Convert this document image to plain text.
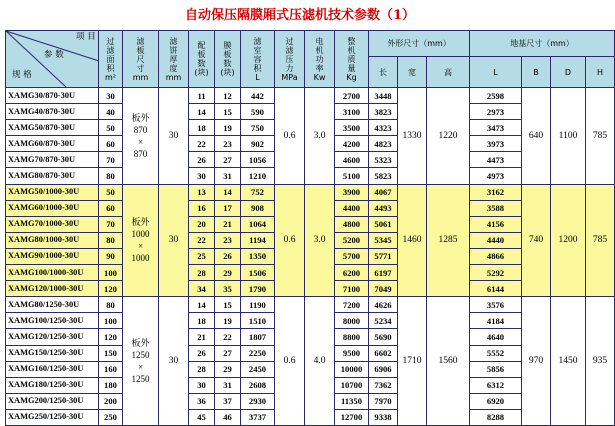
自动保压隔膜厢式压滤机技术参数（1）
项 目
参 数
规 格	过
滤
面
积
m²	滤
板
尺
寸
mm	滤
饼
厚
度
mm	配
板
数
(块)	膜
板
数
(块)	滤
室
容
积
L	过
滤
压
力
MPa	电
机
功
率
Kw	整
机
质
量
Kg	外形尺寸（mm）			地基尺寸（mm）			
										长	宽	高	L	B	D	H
XAMG30/870-30U	30	板外
870
×
870	30	11	12	442	0.6	3.0	2700	3448	1330	1220	2598	640	1100	785
XAMG40/870-30U	40			14	15	590			3100	3823			2973			
XAMG50/870-30U	50			18	19	750			3500	4323			3473			
XAMG60/870-30U	60			22	23	902			4200	4823			3973			
XAMG70/870-30U	70			26	27	1056			4600	5323			4473			
XAMG80/870-30U	80			30	31	1210			5100	5823			4973			
XAMG50/1000-30U	50	板外
1000
×
1000	30	13	14	752	0.6	3.0	3900	4067	1460	1285	3162	740	1200	785
XAMG60/1000-30U	60			16	17	908			4400	4493			3588			
XAMG70/1000-30U	70			20	21	1064			4800	5061			4156			
XAMG80/1000-30U	80			22	23	1194			5200	5345			4440			
XAMG90/1000-30U	90			25	26	1350			5700	5771			4866			
XAMG100/1000-30U	100			28	29	1506			6200	6197			5292			
XAMG120/1000-30U	120			34	35	1790			7100	7049			6144			
XAMG80/1250-30U	80	板外
1250
×
1250	30	14	15	1190	0.6	4.0	7200	4626	1710	1560	3576	970	1450	935
XAMG100/1250-30U	100			18	19	1510			8000	5234			4184			
XAMG120/1250-30U	120			21	22	1807			8800	5690			4640			
XAMG150/1250-30U	150			26	27	2250			9500	6602			5552			
XAMG160/1250-30U	160			28	29	2450			10000	6906			5856			
XAMG180/1250-30U	180			30	31	2608			10700	7362			6312			
XAMG200/1250-30U	200			36	37	2930			11350	7970			6920			
XAMG250/1250-30U	250			45	46	3737			12700	9338			8288			
